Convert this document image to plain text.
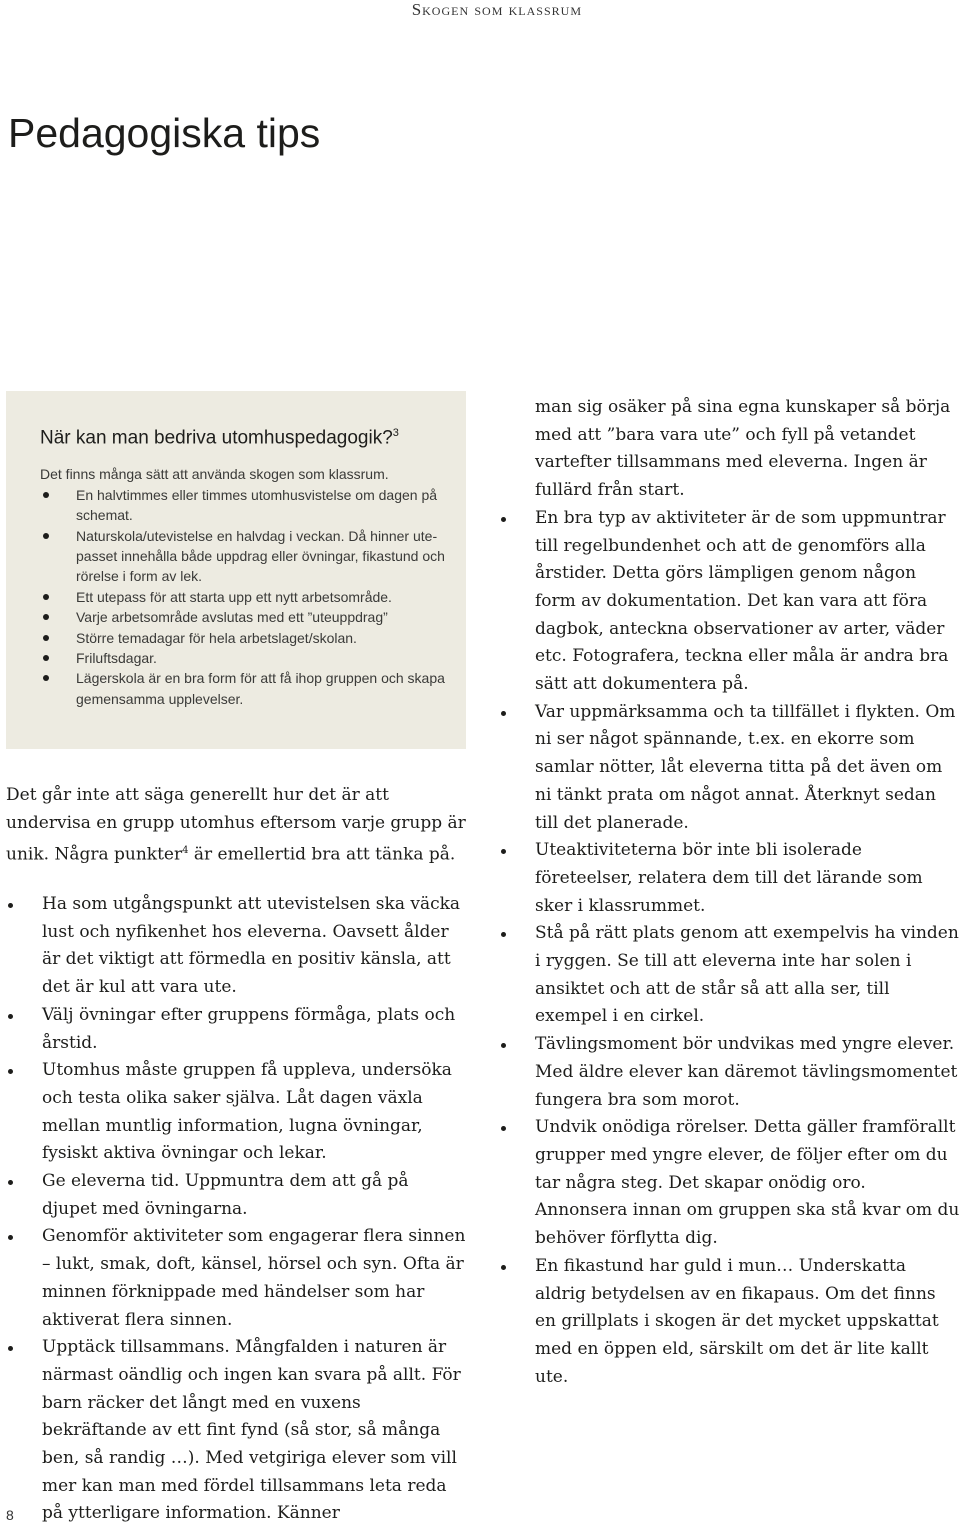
Skogen som klassrum
Pedagogiska tips
När kan man bedriva utomhuspedagogik?$^3$

Det finns många sätt att använda skogen som klassrum.

En halvtimmes eller timmes utomhusvistelse om dagen på schemat.
Naturskola/utevistelse en halvdag i veckan. Då hinner utepasset innehålla både uppdrag eller övningar, fikastund och rörelse i form av lek.
Ett utepass för att starta upp ett nytt arbetsområde.
Varje arbetsområde avslutas med ett ”uteuppdrag”
Större temadagar för hela arbetslaget/skolan.
Friluftsdagar.
Lägerskola är en bra form för att få ihop gruppen och skapa gemensamma upplevelser.

Det går inte att säga generellt hur det är att undervisa en grupp utomhus eftersom varje grupp är unik. Några punkter$^4$ är emellertid bra att tänka på.

Ha som utgångspunkt att utevistelsen ska väcka lust och nyfikenhet hos eleverna. Oavsett ålder är det viktigt att förmedla en positiv känsla, att det är kul att vara ute.
Välj övningar efter gruppens förmåga, plats och årstid.
Utomhus måste gruppen få uppleva, undersöka och testa olika saker själva. Låt dagen växla mellan muntlig information, lugna övningar, fysiskt aktiva övningar och lekar.
Ge eleverna tid. Uppmuntra dem att gå på djupet med övningarna.
Genomför aktiviteter som engagerar flera sinnen – lukt, smak, doft, känsel, hörsel och syn. Ofta är minnen förknippade med händelser som har aktiverat flera sinnen.
Upptäck tillsammans. Mångfalden i naturen är närmast oändlig och ingen kan svara på allt. För barn räcker det långt med en vuxens bekräftande av ett fint fynd (så stor, så många ben, så randig …). Med vetgiriga elever som vill mer kan man med fördel tillsammans leta reda på ytterligare information. Känner

man sig osäker på sina egna kunskaper så börja med att ”bara vara ute” och fyll på vetandet vartefter tillsammans med eleverna. Ingen är fullärd från start.

En bra typ av aktiviteter är de som uppmuntrar till regelbundenhet och att de genomförs alla årstider. Detta görs lämpligen genom någon form av dokumentation. Det kan vara att föra dagbok, anteckna observationer av arter, väder etc. Fotografera, teckna eller måla är andra bra sätt att dokumentera på.
Var uppmärksamma och ta tillfället i flykten. Om ni ser något spännande, t.ex. en ekorre som samlar nötter, låt eleverna titta på det även om ni tänkt prata om något annat. Återknyt sedan till det planerade.
Uteaktiviteterna bör inte bli isolerade företeelser, relatera dem till det lärande som sker i klassrummet.
Stå på rätt plats genom att exempelvis ha vinden i ryggen. Se till att eleverna inte har solen i ansiktet och att de står så att alla ser, till exempel i en cirkel.
Tävlingsmoment bör undvikas med yngre elever. Med äldre elever kan däremot tävlingsmomentet fungera bra som morot.
Undvik onödiga rörelser. Detta gäller framförallt grupper med yngre elever, de följer efter om du tar några steg. Det skapar onödig oro. Annonsera innan om gruppen ska stå kvar om du behöver förflytta dig.
En fikastund har guld i mun… Underskatta aldrig betydelsen av en fikapaus. Om det finns en grillplats i skogen är det mycket uppskattat med en öppen eld, särskilt om det är lite kallt ute.
8
